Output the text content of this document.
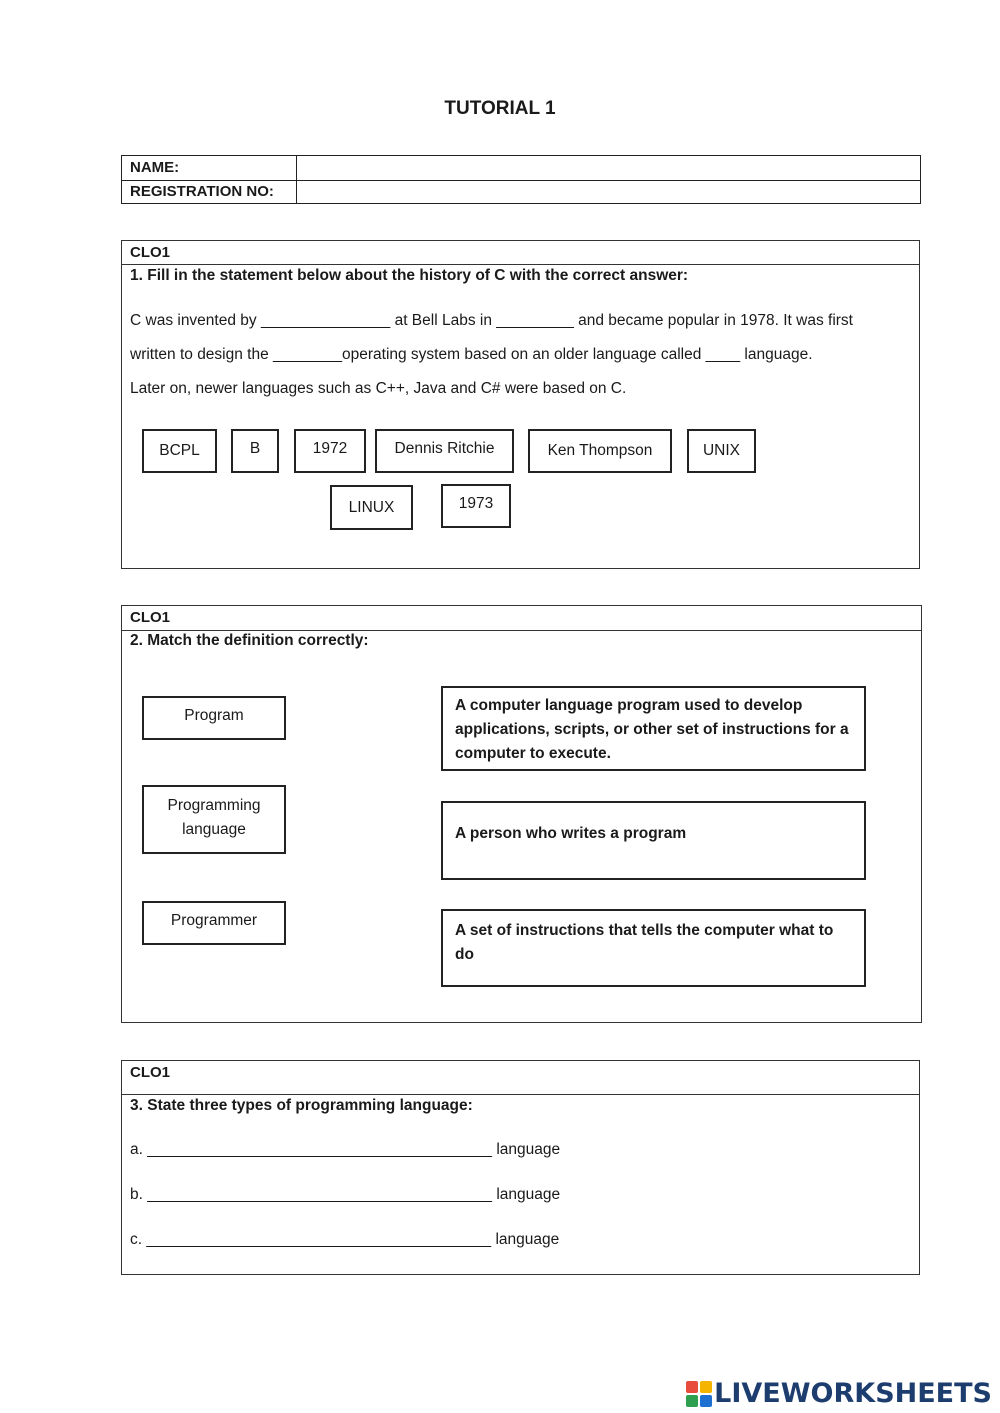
TUTORIAL 1
NAME:
REGISTRATION NO:
CLO1
1. Fill in the statement below about the history of C with the correct answer:
C was invented by _______________ at Bell Labs in _________ and became popular in 1978. It was first
written to design the ________operating system based on an older language called ____ language.
Later on, newer languages such as C++, Java and C# were based on C.
BCPL	B	1972	Dennis Ritchie	Ken Thompson	UNIX
LINUX	1973
CLO1
2. Match the definition correctly:
Program
Programming language
Programmer
A computer language program used to develop applications, scripts, or other set of instructions for a computer to execute.
A person who writes a program
A set of instructions that tells the computer what to do
CLO1
3. State three types of programming language:
a. ________________________________________ language
b. ________________________________________ language
c. ________________________________________ language
LIVEWORKSHEETS
